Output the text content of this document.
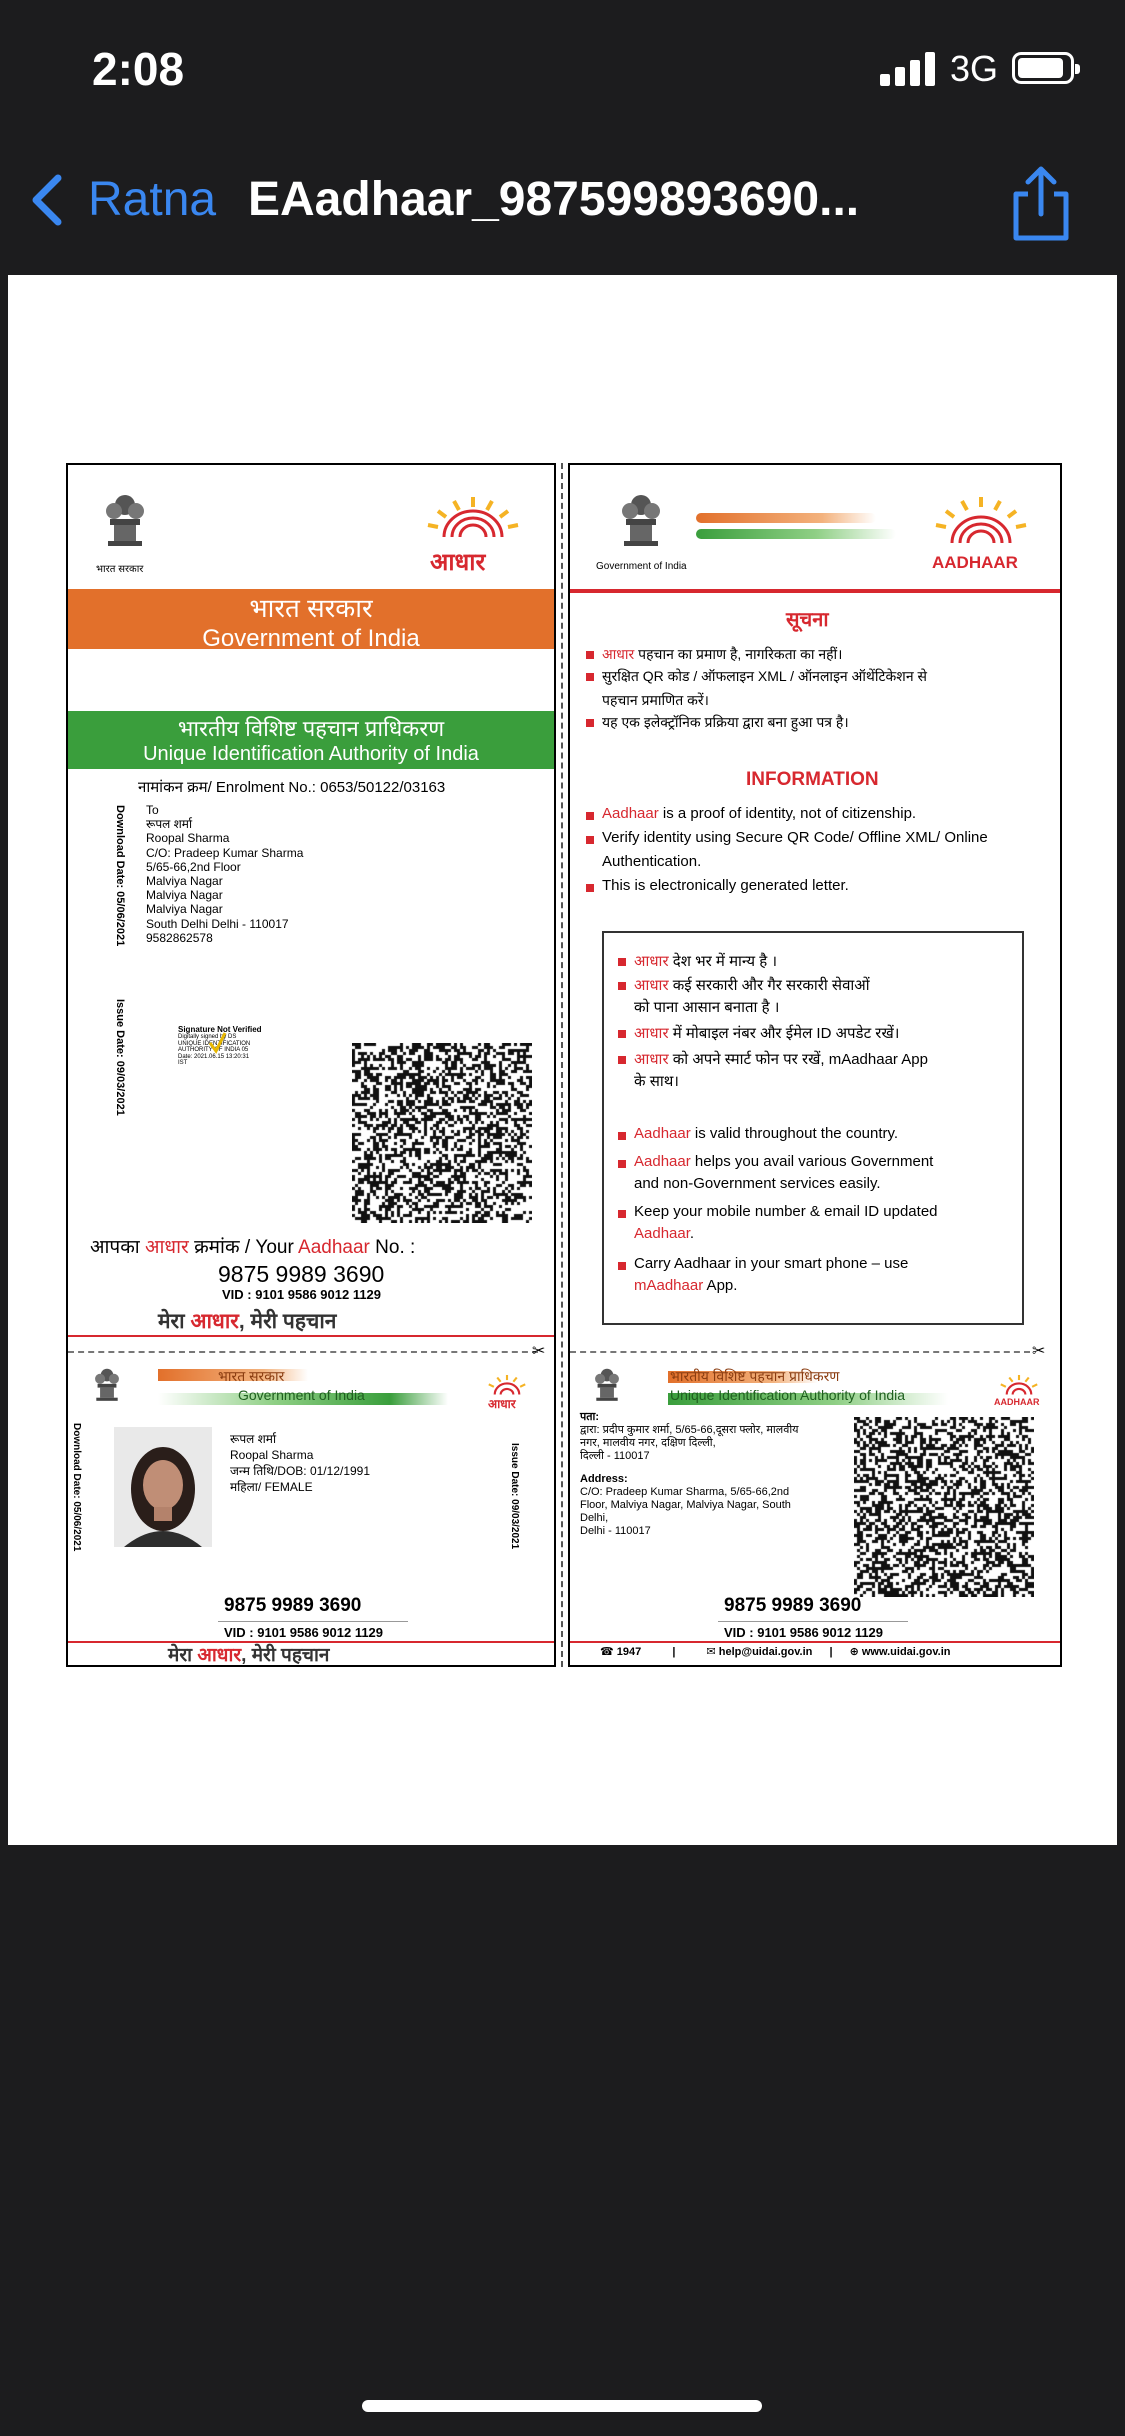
2:08	3G
Ratna EAadhaar_987599893690...
भारत सरकार	आधार
भारत सरकार
Government of India
भारतीय विशिष्ट पहचान प्राधिकरण
Unique Identification Authority of India
नामांकन क्रम/ Enrolment No.: 0653/50122/03163
Download Date: 05/06/2021
Issue Date: 09/03/2021
To
रूपल शर्मा
Roopal Sharma
C/O: Pradeep Kumar Sharma
5/65-66,2nd Floor
Malviya Nagar
Malviya Nagar
Malviya Nagar
South Delhi Delhi - 110017
9582862578
Signature Not Verified
Digitally signed by DS
UNIQUE IDENTIFICATION
AUTHORITY OF INDIA 05
Date: 2021.06.15 13:20:31
IST
आपका आधार क्रमांक / Your Aadhaar No. :
9875 9989 3690
VID : 9101 9586 9012 1129
मेरा आधार, मेरी पहचान
✂
भारत सरकार
Government of India
आधार
Download Date: 05/06/2021	Issue Date: 09/03/2021
रूपल शर्मा
Roopal Sharma
जन्म तिथि/DOB: 01/12/1991
महिला/ FEMALE
9875 9989 3690
VID : 9101 9586 9012 1129
मेरा आधार, मेरी पहचान
Government of India	AADHAAR
सूचना
आधार पहचान का प्रमाण है, नागरिकता का नहीं।
सुरक्षित QR कोड / ऑफलाइन XML / ऑनलाइन ऑथेंटिकेशन से
पहचान प्रमाणित करें।
यह एक इलेक्ट्रॉनिक प्रक्रिया द्वारा बना हुआ पत्र है।
INFORMATION
Aadhaar is a proof of identity, not of citizenship.
Verify identity using Secure QR Code/ Offline XML/ Online
Authentication.
This is electronically generated letter.
आधार देश भर में मान्य है ।
आधार कई सरकारी और गैर सरकारी सेवाओं
को पाना आसान बनाता है ।
आधार में मोबाइल नंबर और ईमेल ID अपडेट रखें।
आधार को अपने स्मार्ट फोन पर रखें, mAadhaar App
के साथ।
Aadhaar is valid throughout the country.
Aadhaar helps you avail various Government
and non-Government services easily.
Keep your mobile number & email ID updated
Aadhaar.
Carry Aadhaar in your smart phone – use
mAadhaar App.
✂
भारतीय विशिष्ट पहचान प्राधिकरण
Unique Identification Authority of India	AADHAAR
पता:
द्वारा: प्रदीप कुमार शर्मा, 5/65-66,दूसरा फ्लोर, मालवीय
नगर, मालवीय नगर, दक्षिण दिल्ली,
दिल्ली - 110017
Address:
C/O: Pradeep Kumar Sharma, 5/65-66,2nd
Floor, Malviya Nagar, Malviya Nagar, South
Delhi,
Delhi - 110017
9875 9989 3690
VID : 9101 9586 9012 1129
☎ 1947	|	✉ help@uidai.gov.in | ⊕ www.uidai.gov.in
